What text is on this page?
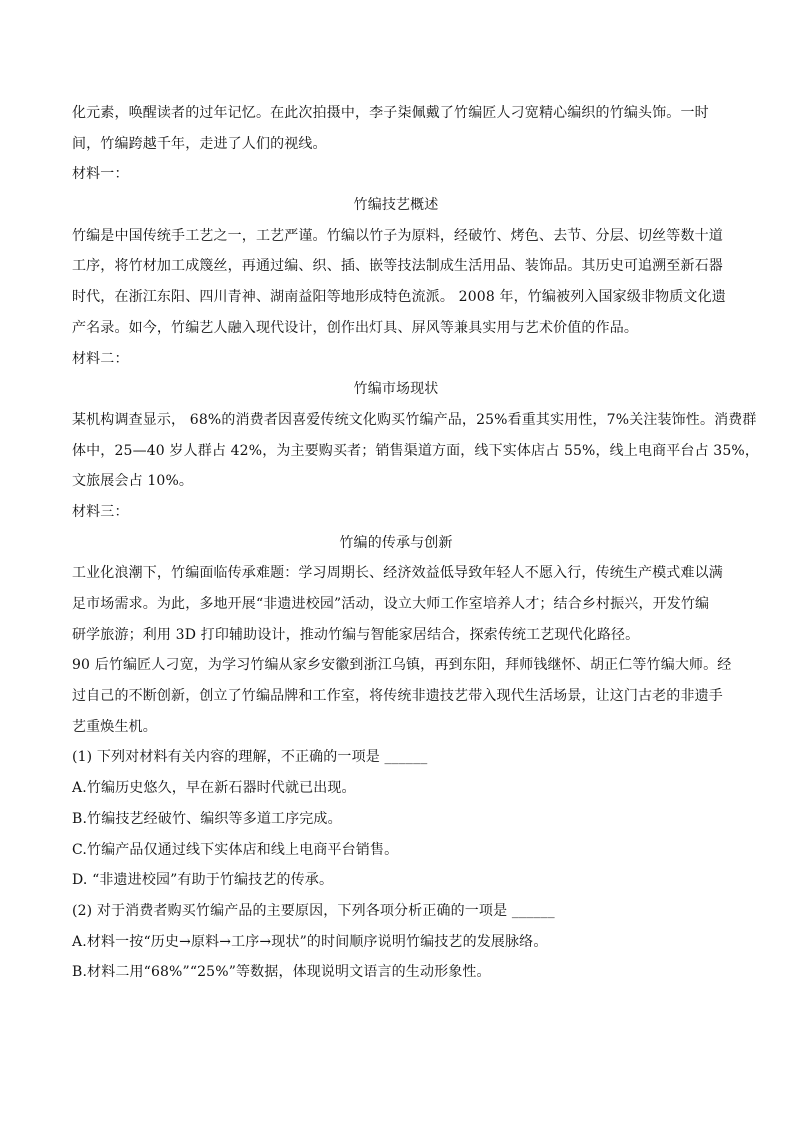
化元素，唤醒读者的过年记忆。在此次拍摄中，李子柒佩戴了竹编匠人刁宽精心编织的竹编头饰。一时
间，竹编跨越千年，走进了人们的视线。
材料一：
竹编技艺概述
竹编是中国传统手工艺之一，工艺严谨。竹编以竹子为原料，经破竹、烤色、去节、分层、切丝等数十道
工序，将竹材加工成篾丝，再通过编、织、插、嵌等技法制成生活用品、装饰品。其历史可追溯至新石器
时代，在浙江东阳、四川青神、湖南益阳等地形成特色流派。 2008 年，竹编被列入国家级非物质文化遗
产名录。如今，竹编艺人融入现代设计，创作出灯具、屏风等兼具实用与艺术价值的作品。
材料二：
竹编市场现状
某机构调查显示， 68%的消费者因喜爱传统文化购买竹编产品，25%看重其实用性，7%关注装饰性。消费群
体中，25—40 岁人群占 42%，为主要购买者；销售渠道方面，线下实体店占 55%，线上电商平台占 35%，
文旅展会占 10%。
材料三：
竹编的传承与创新
工业化浪潮下，竹编面临传承难题：学习周期长、经济效益低导致年轻人不愿入行，传统生产模式难以满
足市场需求。为此，多地开展“非遗进校园”活动，设立大师工作室培养人才；结合乡村振兴，开发竹编
研学旅游；利用 3D 打印辅助设计，推动竹编与智能家居结合，探索传统工艺现代化路径。
90 后竹编匠人刁宽，为学习竹编从家乡安徽到浙江乌镇，再到东阳，拜师钱继怀、胡正仁等竹编大师。经
过自己的不断创新，创立了竹编品牌和工作室，将传统非遗技艺带入现代生活场景，让这门古老的非遗手
艺重焕生机。
(1) 下列对材料有关内容的理解，不正确的一项是 ______
A.竹编历史悠久，早在新石器时代就已出现。
B.竹编技艺经破竹、编织等多道工序完成。
C.竹编产品仅通过线下实体店和线上电商平台销售。
D. “非遗进校园”有助于竹编技艺的传承。
(2) 对于消费者购买竹编产品的主要原因，下列各项分析正确的一项是 ______
A.材料一按“历史→原料→工序→现状”的时间顺序说明竹编技艺的发展脉络。
B.材料二用“68%”“25%”等数据，体现说明文语言的生动形象性。
